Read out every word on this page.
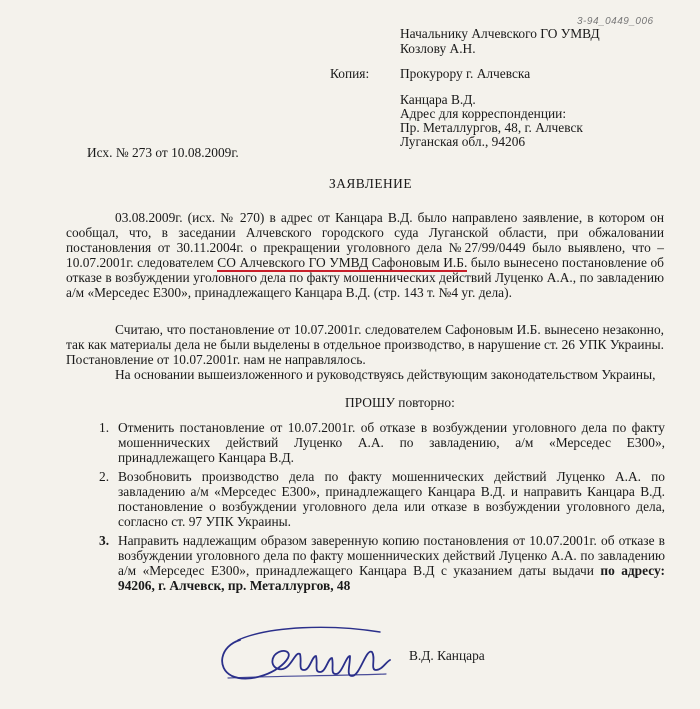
3-94_0449_006
Начальнику Алчевского ГО УМВД
Козлову А.Н.
Копия: Прокурору г. Алчевска
Канцара В.Д.
Адрес для корреспонденции:
Пр. Металлургов, 48, г. Алчевск
Луганская обл., 94206
Исх. № 273 от 10.08.2009г.
ЗАЯВЛЕНИЕ
03.08.2009г. (исх. № 270) в адрес от Канцара В.Д. было направлено заявление, в котором он сообщал, что, в заседании Алчевского городского суда Луганской области, при обжаловании постановления от 30.11.2004г. о прекращении уголовного дела №27/99/0449 было выявлено, что – 10.07.2001г. следователем СО Алчевского ГО УМВД Сафоновым И.Б. было вынесено постановление об отказе в возбуждении уголовного дела по факту мошеннических действий Луценко А.А., по завладению а/м «Мерседес Е300», принадлежащего Канцара В.Д. (стр. 143 т. №4 уг. дела).
Считаю, что постановление от 10.07.2001г. следователем Сафоновым И.Б. вынесено незаконно, так как материалы дела не были выделены в отдельное производство, в нарушение ст. 26 УПК Украины. Постановление от 10.07.2001г. нам не направлялось.
На основании вышеизложенного и руководствуясь действующим законодательством Украины,
ПРОШУ повторно:
1. Отменить постановление от 10.07.2001г. об отказе в возбуждении уголовного дела по факту мошеннических действий Луценко А.А. по завладению, а/м «Мерседес Е300», принадлежащего Канцара В.Д.
2. Возобновить производство дела по факту мошеннических действий Луценко А.А. по завладению а/м «Мерседес Е300», принадлежащего Канцара В.Д. и направить Канцара В.Д. постановление о возбуждении уголовного дела или отказе в возбуждении уголовного дела, согласно ст. 97 УПК Украины.
3. Направить надлежащим образом заверенную копию постановления от 10.07.2001г. об отказе в возбуждении уголовного дела по факту мошеннических действий Луценко А.А. по завладению а/м «Мерседес Е300», принадлежащего Канцара В.Д с указанием даты выдачи по адресу: 94206, г. Алчевск, пр. Металлургов, 48
В.Д. Канцара
